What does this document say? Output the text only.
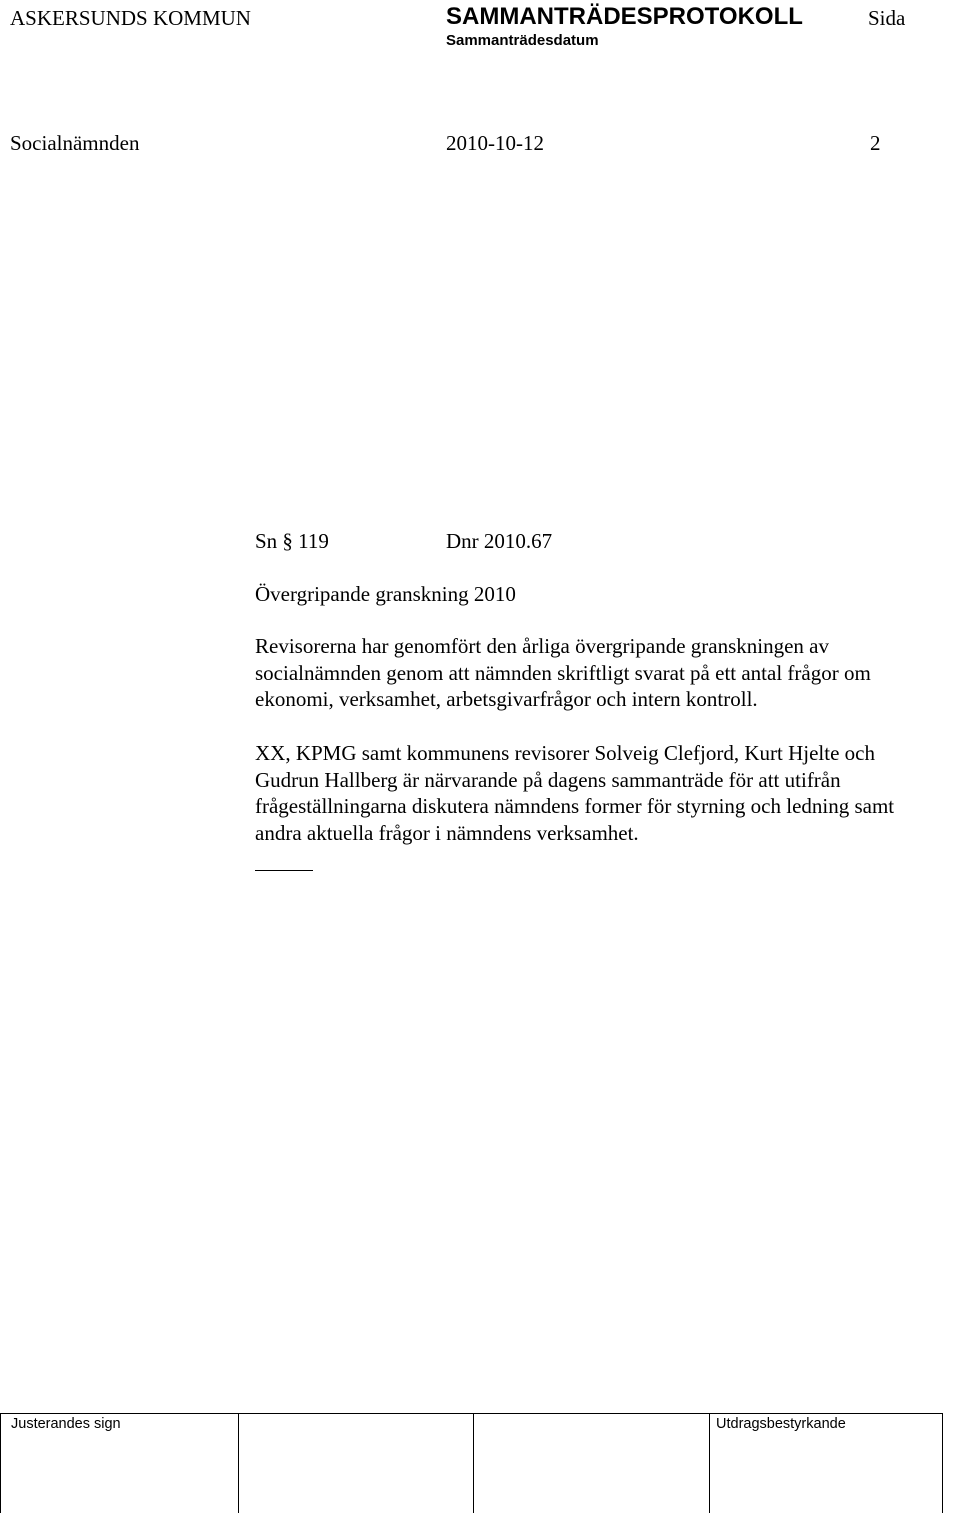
ASKERSUNDS KOMMUN	SAMMANTRÄDESPROTOKOLL	Sida
Sammanträdesdatum
Socialnämnden	2010-10-12	2
Sn § 119	Dnr 2010.67
Övergripande granskning 2010
Revisorerna har genomfört den årliga övergripande granskningen av
socialnämnden genom att nämnden skriftligt svarat på ett antal frågor om
ekonomi, verksamhet, arbetsgivarfrågor och intern kontroll.
XX, KPMG samt kommunens revisorer Solveig Clefjord, Kurt Hjelte och
Gudrun Hallberg är närvarande på dagens sammanträde för att utifrån
frågeställningarna diskutera nämndens former för styrning och ledning samt
andra aktuella frågor i nämndens verksamhet.
Justerandes sign	Utdragsbestyrkande
